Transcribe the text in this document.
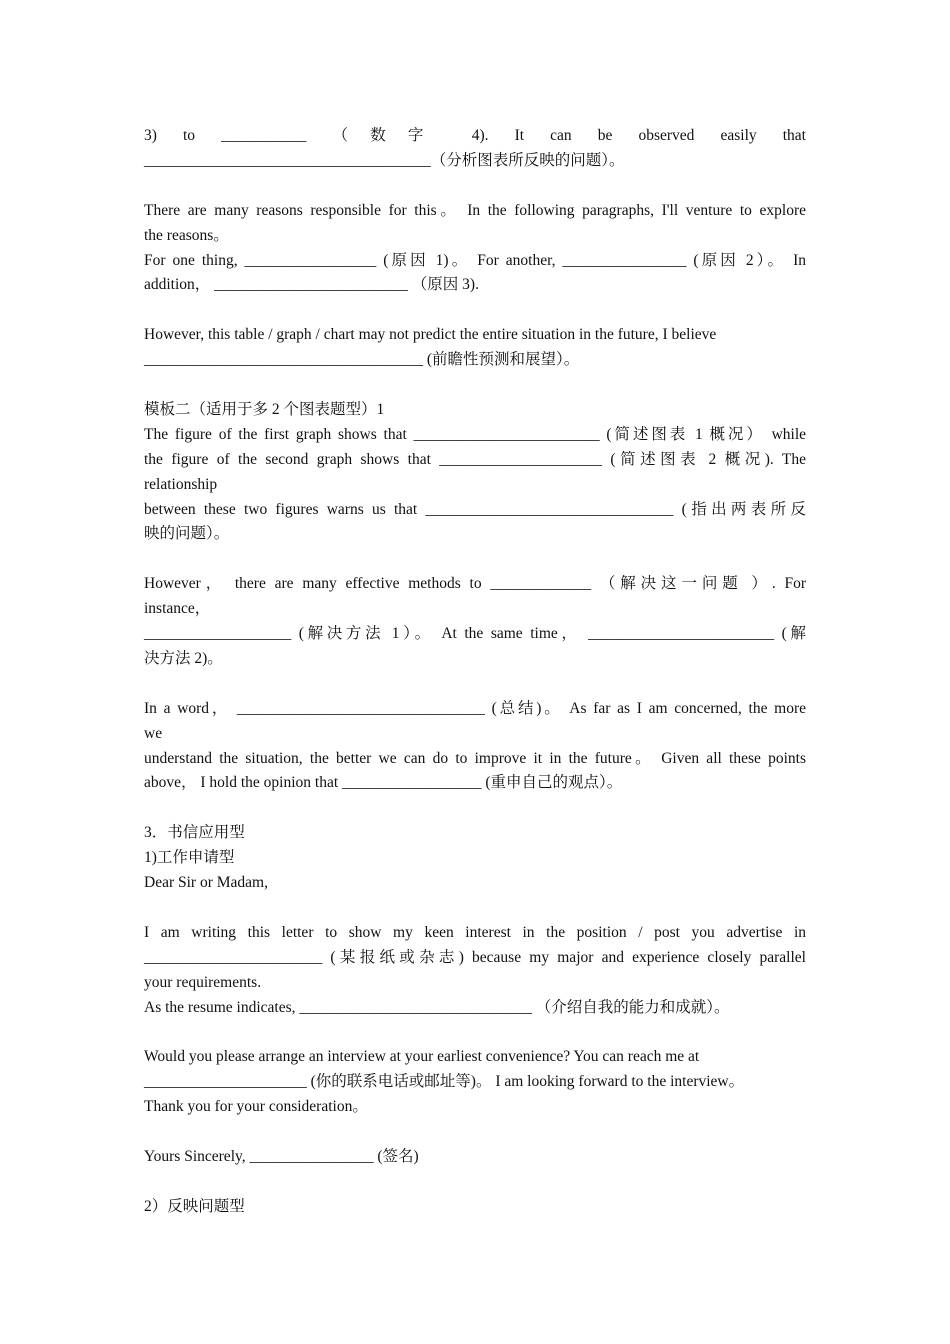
3) to ___________ （数字 4). It can be observed easily that

_____________________________________（分析图表所反映的问题）。

There are many reasons responsible for this。 In the following paragraphs, I'll venture to explore

the reasons。

For one thing, _________________ (原因 1)。 For another, ________________ (原因 2）。 In

addition， _________________________ （原因 3).

However, this table / graph / chart may not predict the entire situation in the future, I believe

____________________________________ (前瞻性预测和展望）。

模板二（适用于多 2 个图表题型）1

The figure of the first graph shows that ________________________ (简述图表 1 概况） while

the figure of the second graph shows that _____________________ (简述图表 2 概况). The

relationship

between these two figures warns us that ________________________________ (指出两表所反

映的问题）。

However， there are many effective methods to _____________ （解决这一问题 ）. For

instance，

___________________ (解决方法 1）。 At the same time， ________________________ (解

决方法 2)。

In a word， ________________________________ (总结)。 As far as I am concerned, the more

we

understand the situation, the better we can do to improve it in the future。 Given all these points

above， I hold the opinion that __________________ (重申自己的观点）。

3．书信应用型

1)工作申请型

Dear Sir or Madam,

I am writing this letter to show my keen interest in the position / post you advertise in

_______________________ (某报纸或杂志) because my major and experience closely parallel

your requirements.

As the resume indicates, ______________________________ （介绍自我的能力和成就）。

Would you please arrange an interview at your earliest convenience? You can reach me at

_____________________ (你的联系电话或邮址等)。 I am looking forward to the interview。

Thank you for your consideration。

Yours Sincerely, ________________ (签名)

2）反映问题型
